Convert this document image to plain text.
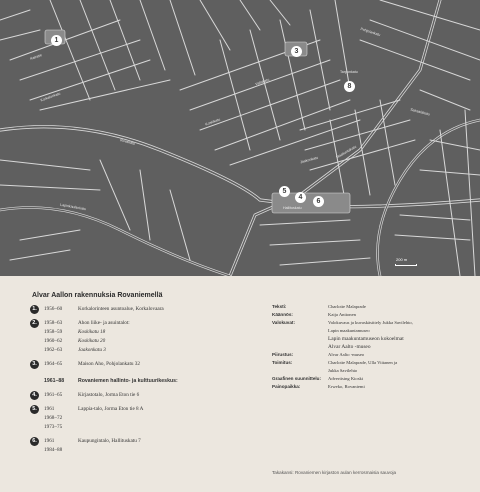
1
3
8
5
4
6
Kairatie
Rovakatu
Valtakatu
Maakuntakatu
Korkalonkatu
Hallituskatu
Lapinkaulankatu
Koskikatu
Pohjolankatu
Sairaalakatu
Jaakonkatu
Tarponkatu
200 m
Alvar Aallon rakennuksia Rovaniemellä
1.	1956–60	Korkalorinteen asuntoalue, Korkalovaara
2.	1958–63	Ahon liike- ja asuintalot:
1958–59	Koskikatu 18
1960–62	Koskikatu 20
1962–63	Jaakonkatu 3
3.	1964–65	Maison Aho, Pohjolankatu 32
1961–88	Rovaniemen hallinto- ja kulttuurikeskus:
4.	1961–65	Kirjastotalo, Jorma Eton tie 6
5.	1961	Lappia-talo, Jorma Eton tie 8 A
1968–72
1973–75
6.	1961	Kaupungintalo, Hallituskatu 7
1984–88
Teksti:	Charlotte Malaprade
Käännös:	Kaija Anttonen
Valokuvat:	Valokuvaus ja kuvaskäsittely Jukka Savilehto,
Lapin maakuntamuseo
Lapin maakuntamuseon kokoelmat
Alvar Aalto -museo
Piirustus:	Alvar Aalto -museo
Toimitus:	Charlotte Malaprade, Ulla Viitanen ja
Jukka Savilehto
Graafinen suunnittelu:	Advertising Kioski
Painopaikka:	Erweko, Rovaniemi
Takakansi: Rovaniemen kirjaston aulan kerrosmaisia sauvoja
